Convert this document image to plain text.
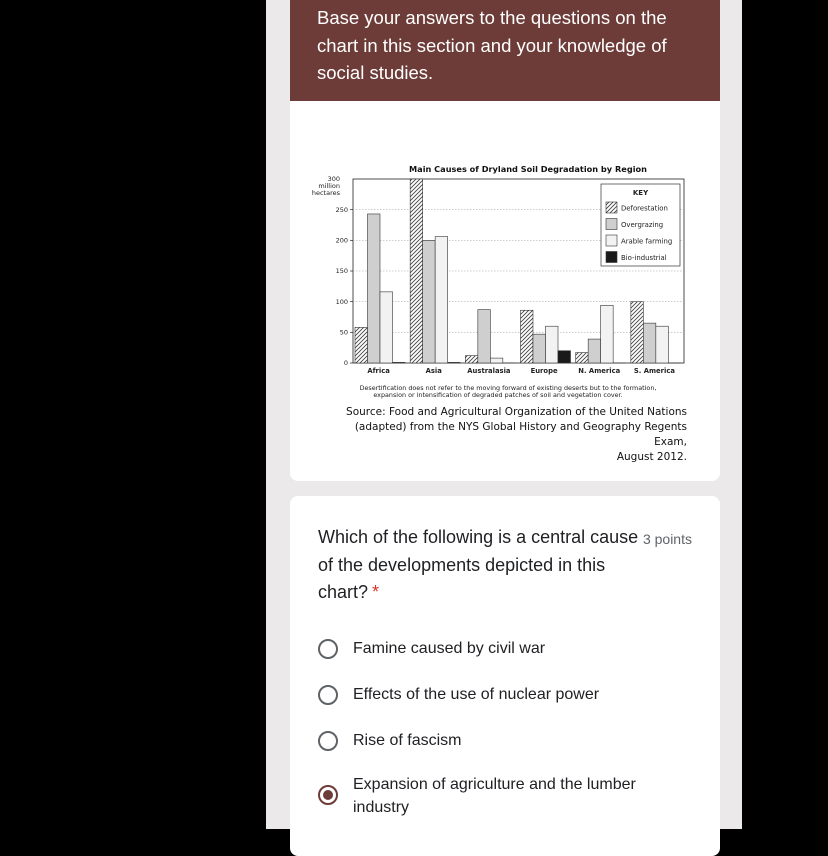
Base your answers to the questions on the chart in this section and your knowledge of social studies.
Main Causes of Dryland Soil Degradation by Region
300
million
hectares
0
50
100
150
200
250
Africa	Asia	Australasia	Europe	N. America S. America
KEY
Deforestation
Overgrazing
Arable farming
Bio-industrial
Desertification does not refer to the moving forward of existing deserts but to the formation,
expansion or intensification of degraded patches of soil and vegetation cover.
Source: Food and Agricultural Organization of the United Nations
(adapted) from the NYS Global History and Geography Regents Exam,
August 2012.
Which of the following is a central cause of the developments depicted in this chart? *
3 points
Famine caused by civil war
Effects of the use of nuclear power
Rise of fascism
Expansion of agriculture and the lumber industry
